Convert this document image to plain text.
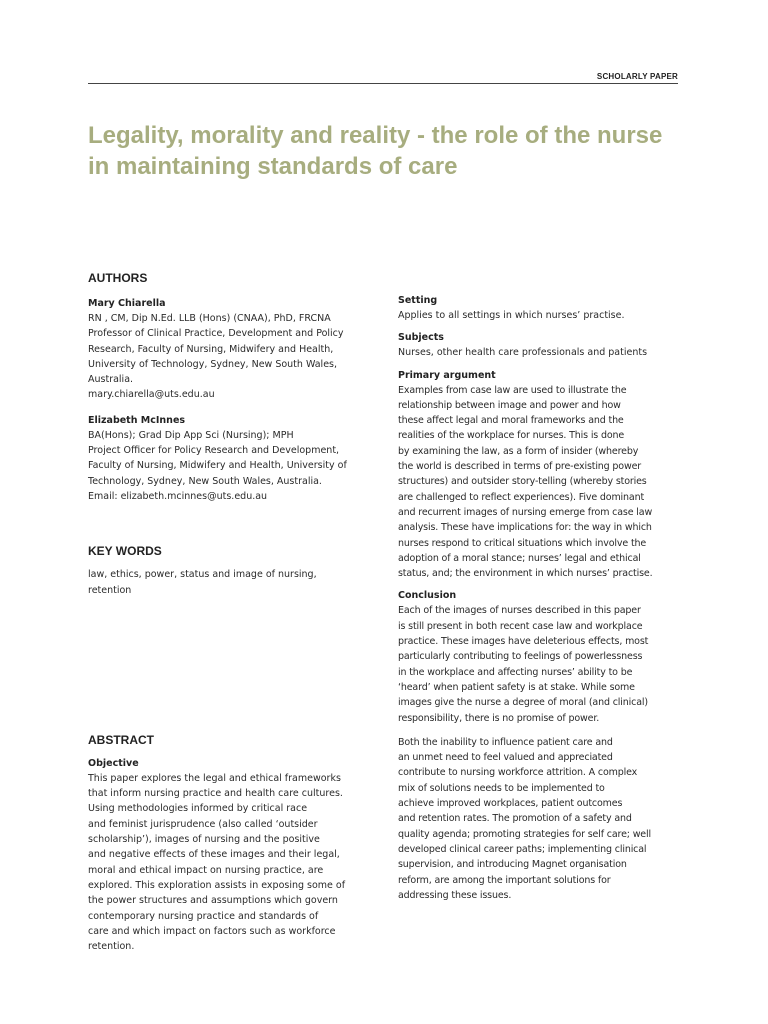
SCHOLARLY PAPER
Legality, morality and reality - the role of the nurse
in maintaining standards of care
AUTHORS
Mary Chiarella
RN , CM, Dip N.Ed. LLB (Hons) (CNAA), PhD, FRCNA
Professor of Clinical Practice, Development and Policy
Research, Faculty of Nursing, Midwifery and Health,
University of Technology, Sydney, New South Wales,
Australia.
mary.chiarella@uts.edu.au
Elizabeth McInnes
BA(Hons); Grad Dip App Sci (Nursing); MPH
Project Officer for Policy Research and Development,
Faculty of Nursing, Midwifery and Health, University of
Technology, Sydney, New South Wales, Australia.
Email: elizabeth.mcinnes@uts.edu.au
KEY WORDS
law, ethics, power, status and image of nursing,
retention
ABSTRACT
Objective
This paper explores the legal and ethical frameworks
that inform nursing practice and health care cultures.
Using methodologies informed by critical race
and feminist jurisprudence (also called ‘outsider
scholarship’), images of nursing and the positive
and negative effects of these images and their legal,
moral and ethical impact on nursing practice, are
explored. This exploration assists in exposing some of
the power structures and assumptions which govern
contemporary nursing practice and standards of
care and which impact on factors such as workforce
retention.
Setting
Applies to all settings in which nurses’ practise.
Subjects
Nurses, other health care professionals and patients
Primary argument
Examples from case law are used to illustrate the
relationship between image and power and how
these affect legal and moral frameworks and the
realities of the workplace for nurses. This is done
by examining the law, as a form of insider (whereby
the world is described in terms of pre-existing power
structures) and outsider story-telling (whereby stories
are challenged to reflect experiences). Five dominant
and recurrent images of nursing emerge from case law
analysis. These have implications for: the way in which
nurses respond to critical situations which involve the
adoption of a moral stance; nurses’ legal and ethical
status, and; the environment in which nurses’ practise.
Conclusion
Each of the images of nurses described in this paper
is still present in both recent case law and workplace
practice. These images have deleterious effects, most
particularly contributing to feelings of powerlessness
in the workplace and affecting nurses’ ability to be
‘heard’ when patient safety is at stake. While some
images give the nurse a degree of moral (and clinical)
responsibility, there is no promise of power.
Both the inability to influence patient care and
an unmet need to feel valued and appreciated
contribute to nursing workforce attrition. A complex
mix of solutions needs to be implemented to
achieve improved workplaces, patient outcomes
and retention rates. The promotion of a safety and
quality agenda; promoting strategies for self care; well
developed clinical career paths; implementing clinical
supervision, and introducing Magnet organisation
reform, are among the important solutions for
addressing these issues.
